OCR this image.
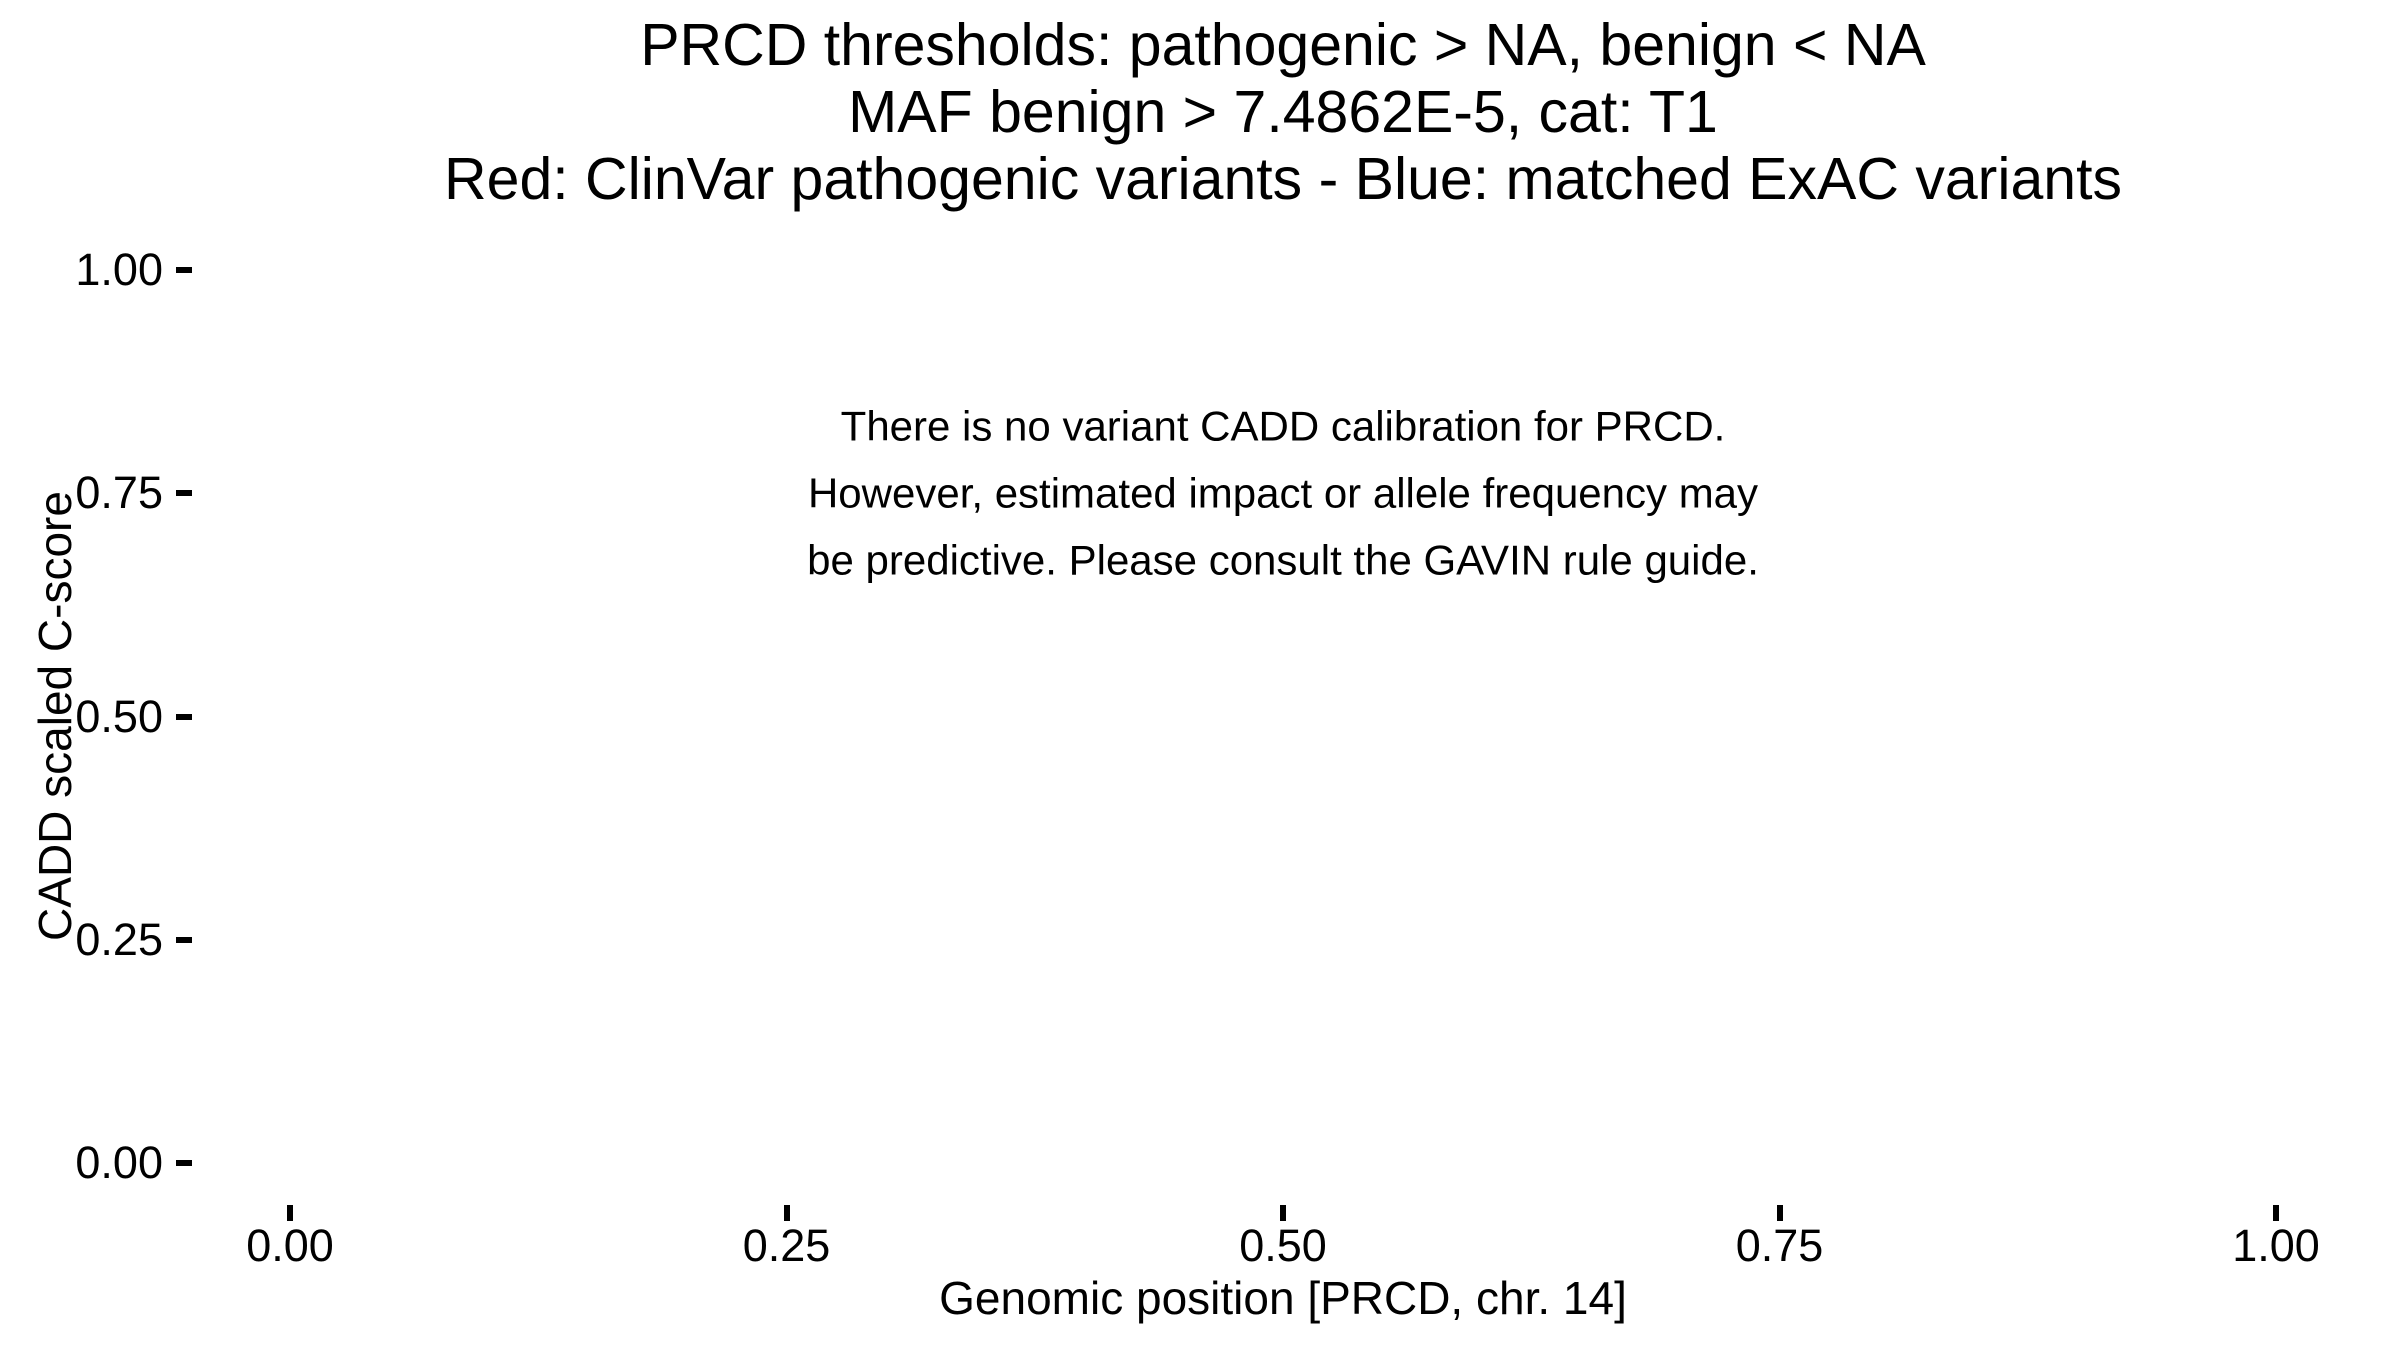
PRCD thresholds: pathogenic > NA, benign < NA
MAF benign > 7.4862E-5, cat: T1
Red: ClinVar pathogenic variants - Blue: matched ExAC variants
There is no variant CADD calibration for PRCD.
However, estimated impact or allele frequency may
be predictive. Please consult the GAVIN rule guide.
CADD scaled C-score
Genomic position [PRCD, chr. 14]
1.00
0.75
0.50
0.25
0.00
0.00	0.25	0.50	0.75	1.00
